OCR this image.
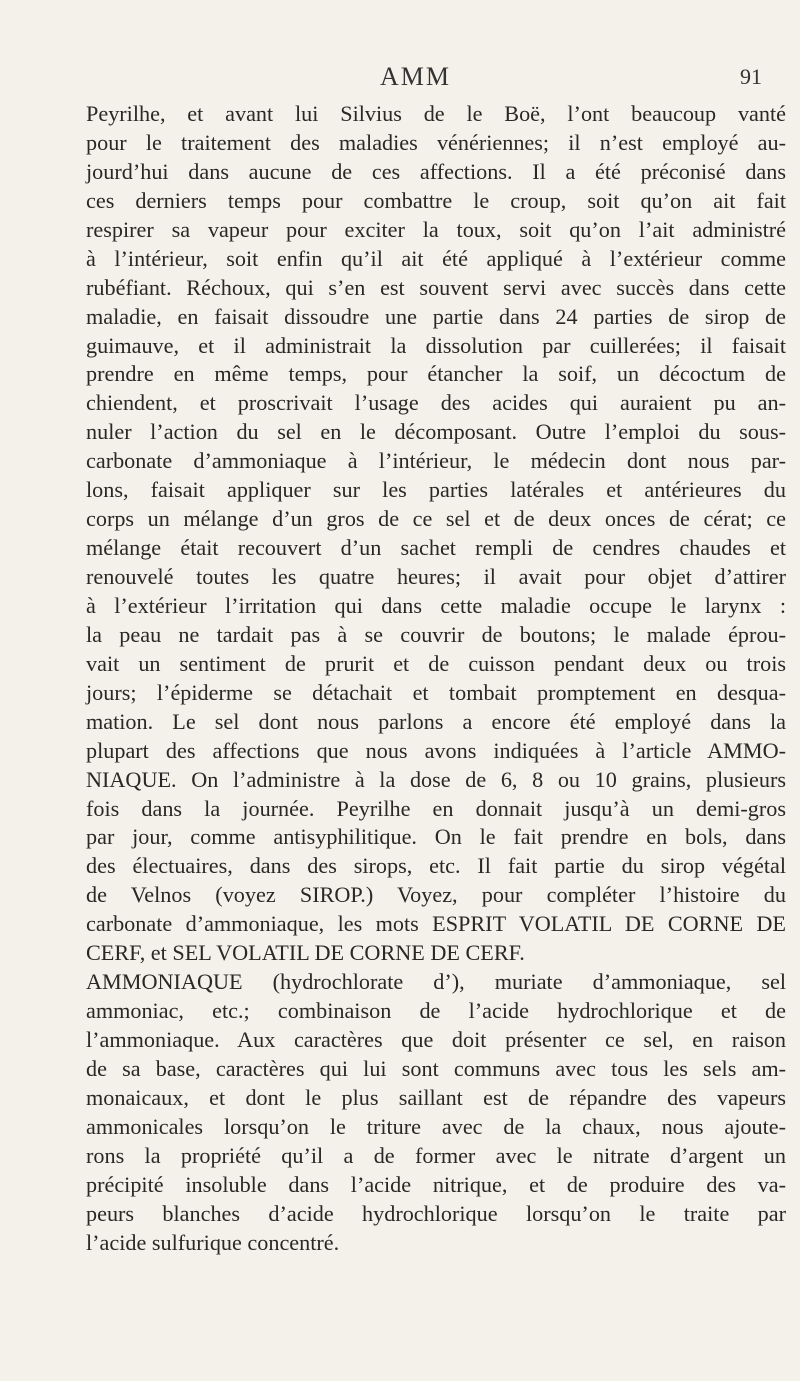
AMM	91
Peyrilhe, et avant lui Silvius de le Boë, l’ont beaucoup vanté
pour le traitement des maladies vénériennes; il n’est employé au-
jourd’hui dans aucune de ces affections. Il a été préconisé dans
ces derniers temps pour combattre le croup, soit qu’on ait fait
respirer sa vapeur pour exciter la toux, soit qu’on l’ait administré
à l’intérieur, soit enfin qu’il ait été appliqué à l’extérieur comme
rubéfiant. Réchoux, qui s’en est souvent servi avec succès dans cette
maladie, en faisait dissoudre une partie dans 24 parties de sirop de
guimauve, et il administrait la dissolution par cuillerées; il faisait
prendre en même temps, pour étancher la soif, un décoctum de
chiendent, et proscrivait l’usage des acides qui auraient pu an-
nuler l’action du sel en le décomposant. Outre l’emploi du sous-
carbonate d’ammoniaque à l’intérieur, le médecin dont nous par-
lons, faisait appliquer sur les parties latérales et antérieures du
corps un mélange d’un gros de ce sel et de deux onces de cérat; ce
mélange était recouvert d’un sachet rempli de cendres chaudes et
renouvelé toutes les quatre heures; il avait pour objet d’attirer
à l’extérieur l’irritation qui dans cette maladie occupe le larynx :
la peau ne tardait pas à se couvrir de boutons; le malade éprou-
vait un sentiment de prurit et de cuisson pendant deux ou trois
jours; l’épiderme se détachait et tombait promptement en desqua-
mation. Le sel dont nous parlons a encore été employé dans la
plupart des affections que nous avons indiquées à l’article AMMO-
NIAQUE. On l’administre à la dose de 6, 8 ou 10 grains, plusieurs
fois dans la journée. Peyrilhe en donnait jusqu’à un demi-gros
par jour, comme antisyphilitique. On le fait prendre en bols, dans
des électuaires, dans des sirops, etc. Il fait partie du sirop végétal
de Velnos (voyez SIROP.) Voyez, pour compléter l’histoire du
carbonate d’ammoniaque, les mots ESPRIT VOLATIL DE CORNE DE
CERF, et SEL VOLATIL DE CORNE DE CERF.
AMMONIAQUE (hydrochlorate d’), muriate d’ammoniaque, sel
ammoniac, etc.; combinaison de l’acide hydrochlorique et de
l’ammoniaque. Aux caractères que doit présenter ce sel, en raison
de sa base, caractères qui lui sont communs avec tous les sels am-
monaicaux, et dont le plus saillant est de répandre des vapeurs
ammonicales lorsqu’on le triture avec de la chaux, nous ajoute-
rons la propriété qu’il a de former avec le nitrate d’argent un
précipité insoluble dans l’acide nitrique, et de produire des va-
peurs blanches d’acide hydrochlorique lorsqu’on le traite par
l’acide sulfurique concentré.
